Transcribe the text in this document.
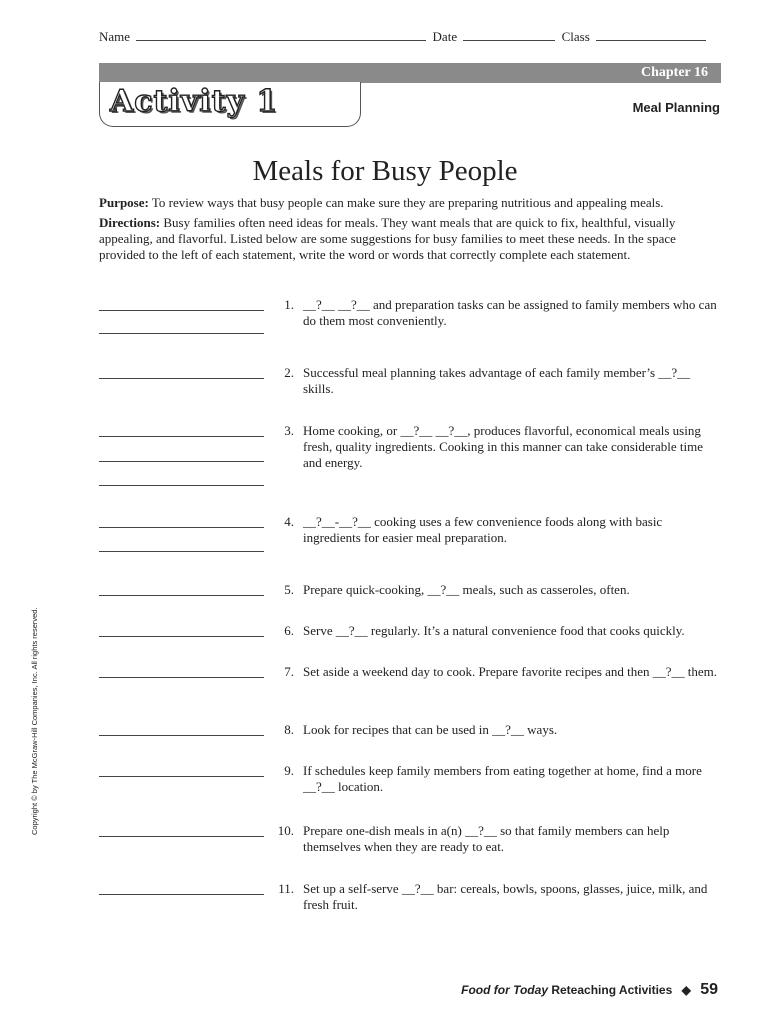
Name	Date	Class
Chapter 16
Activity 1	Meal Planning
Meals for Busy People
Purpose: To review ways that busy people can make sure they are preparing nutritious and appealing meals.
Directions: Busy families often need ideas for meals. They want meals that are quick to fix, healthful, visually appealing, and flavorful. Listed below are some suggestions for busy families to meet these needs. In the space provided to the left of each statement, write the word or words that correctly complete each statement.
1. __?__ __?__ and preparation tasks can be assigned to family members who can do them most conveniently.
2. Successful meal planning takes advantage of each family member’s __?__ skills.
3. Home cooking, or __?__ __?__, produces flavorful, economical meals using fresh, quality ingredients. Cooking in this manner can take considerable time and energy.
4. __?__-__?__ cooking uses a few convenience foods along with basic ingredients for easier meal preparation.
5. Prepare quick-cooking, __?__ meals, such as casseroles, often.
6. Serve __?__ regularly. It’s a natural convenience food that cooks quickly.
7. Set aside a weekend day to cook. Prepare favorite recipes and then __?__ them.
8. Look for recipes that can be used in __?__ ways.
9. If schedules keep family members from eating together at home, find a more __?__ location.
10. Prepare one-dish meals in a(n) __?__ so that family members can help themselves when they are ready to eat.
11. Set up a self-serve __?__ bar: cereals, bowls, spoons, glasses, juice, milk, and fresh fruit.
Copyright © by The McGraw-Hill Companies, Inc. All rights reserved.
Food for Today Reteaching Activities ◆ 59
